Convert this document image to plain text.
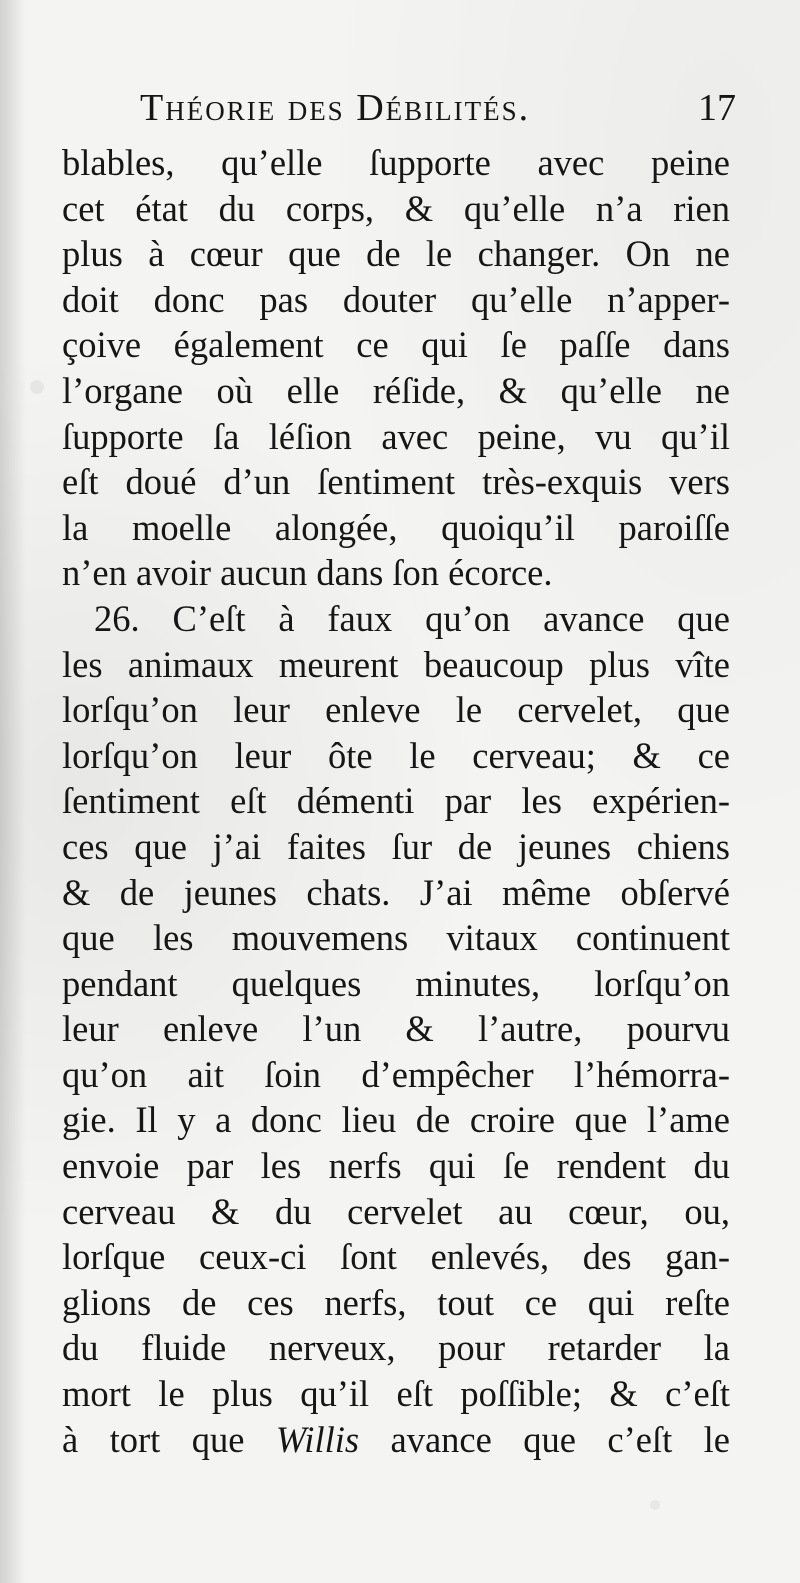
Théorie des Débilités.	17
blables, qu’elle ſupporte avec peine
cet état du corps, & qu’elle n’a rien
plus à cœur que de le changer. On ne
doit donc pas douter qu’elle n’apper-
çoive également ce qui ſe paſſe dans
l’organe où elle réſide, & qu’elle ne
ſupporte ſa léſion avec peine, vu qu’il
eſt doué d’un ſentiment très-exquis vers
la moelle alongée, quoiqu’il paroiſſe
n’en avoir aucun dans ſon écorce.
26. C’eſt à faux qu’on avance que
les animaux meurent beaucoup plus vîte
lorſqu’on leur enleve le cervelet, que
lorſqu’on leur ôte le cerveau; & ce
ſentiment eſt démenti par les expérien-
ces que j’ai faites ſur de jeunes chiens
& de jeunes chats. J’ai même obſervé
que les mouvemens vitaux continuent
pendant quelques minutes, lorſqu’on
leur enleve l’un & l’autre, pourvu
qu’on ait ſoin d’empêcher l’hémorra-
gie. Il y a donc lieu de croire que l’ame
envoie par les nerfs qui ſe rendent du
cerveau & du cervelet au cœur, ou,
lorſque ceux-ci ſont enlevés, des gan-
glions de ces nerfs, tout ce qui reſte
du fluide nerveux, pour retarder la
mort le plus qu’il eſt poſſible; & c’eſt
à tort que Willis avance que c’eſt le
